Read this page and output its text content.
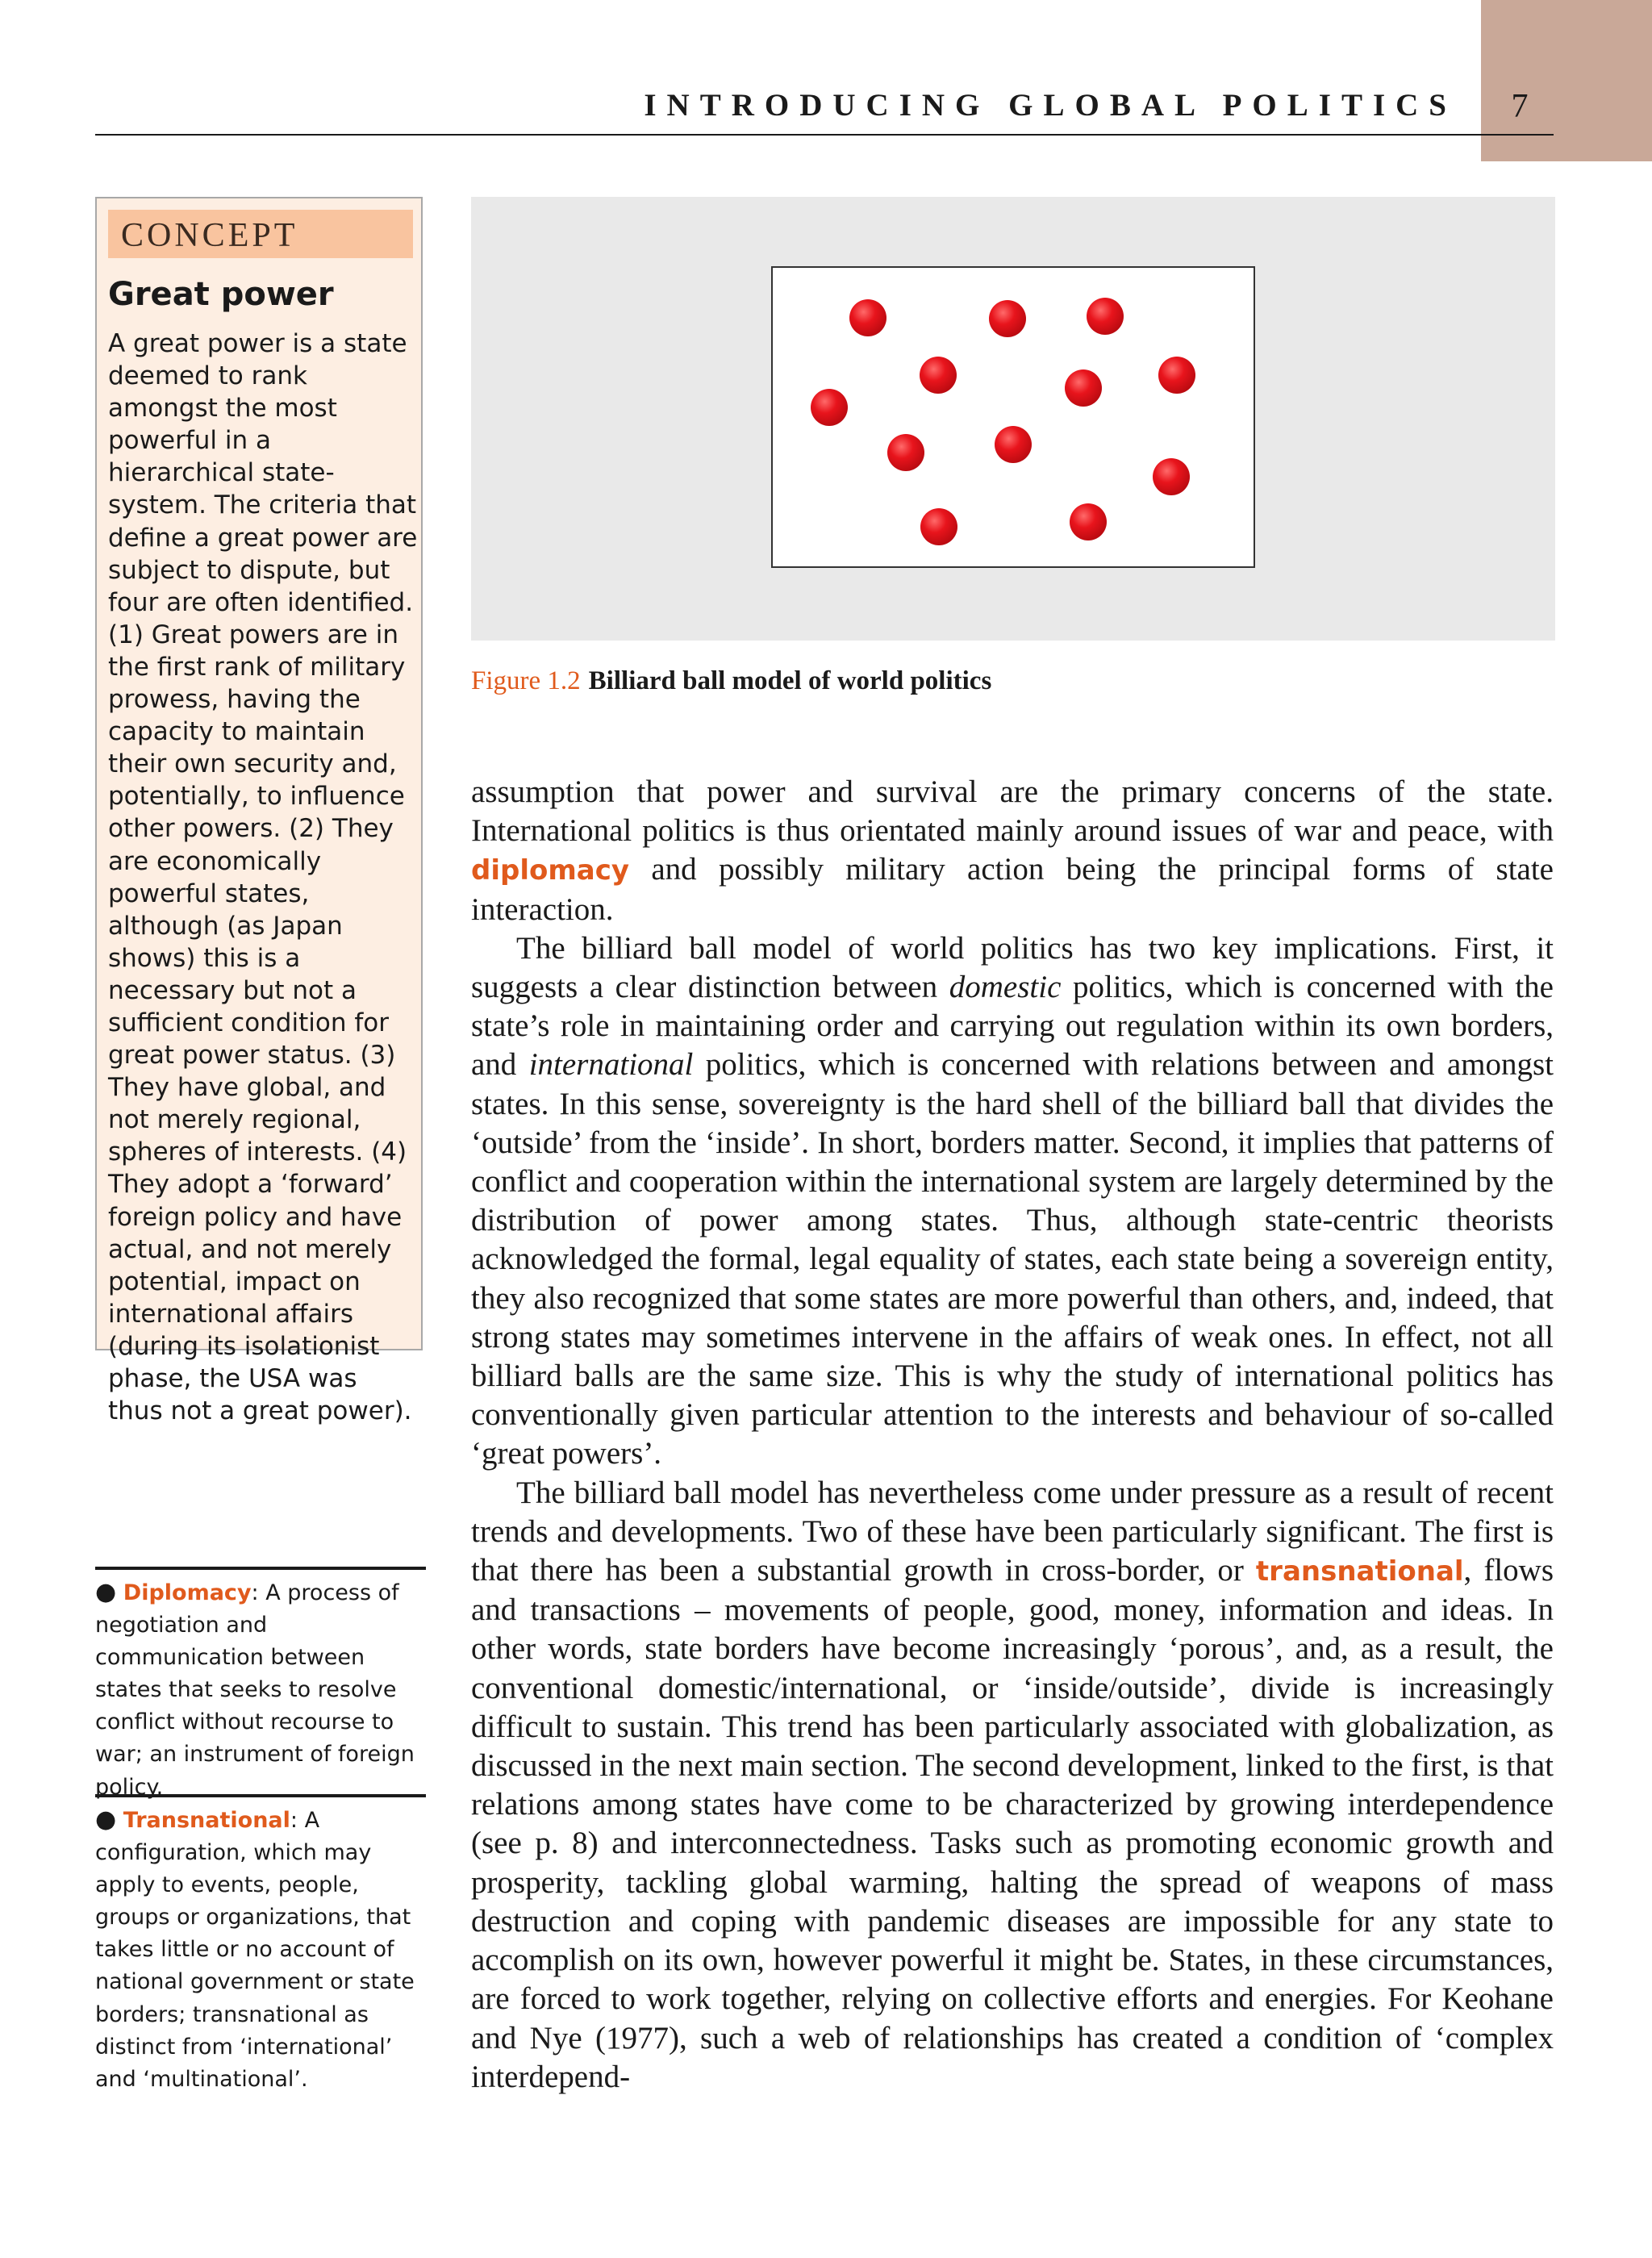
INTRODUCING GLOBAL POLITICS	7
CONCEPT
Great power
A great power is a state deemed to rank amongst the most powerful in a hierarchical state-system. The criteria that define a great power are subject to dispute, but four are often identified. (1) Great powers are in the first rank of military prowess, having the capacity to maintain their own security and, potentially, to influence other powers. (2) They are economically powerful states, although (as Japan shows) this is a necessary but not a sufficient condition for great power status. (3) They have global, and not merely regional, spheres of interests. (4) They adopt a ‘forward’ foreign policy and have actual, and not merely potential, impact on international affairs (during its isolationist phase, the USA was thus not a great power).
Figure 1.2 Billiard ball model of world politics

assumption that power and survival are the primary concerns of the state. International politics is thus orientated mainly around issues of war and peace, with diplomacy and possibly military action being the principal forms of state interaction.

The billiard ball model of world politics has two key implications. First, it suggests a clear distinction between domestic politics, which is concerned with the state’s role in maintaining order and carrying out regulation within its own borders, and international politics, which is concerned with relations between and amongst states. In this sense, sovereignty is the hard shell of the billiard ball that divides the ‘outside’ from the ‘inside’. In short, borders matter. Second, it implies that patterns of conflict and cooperation within the international system are largely determined by the distribution of power among states. Thus, although state-centric theorists acknowledged the formal, legal equality of states, each state being a sovereign entity, they also recognized that some states are more powerful than others, and, indeed, that strong states may sometimes intervene in the affairs of weak ones. In effect, not all billiard balls are the same size. This is why the study of international politics has conventionally given particular attention to the interests and behaviour of so-called ‘great powers’.

The billiard ball model has nevertheless come under pressure as a result of recent trends and developments. Two of these have been particularly significant. The first is that there has been a substantial growth in cross-border, or transnational, flows and transactions – movements of people, good, money, information and ideas. In other words, state borders have become increasingly ‘porous’, and, as a result, the conventional domestic/international, or ‘inside/outside’, divide is increasingly difficult to sustain. This trend has been particularly associated with globalization, as discussed in the next main section. The second development, linked to the first, is that relations among states have come to be characterized by growing interdependence (see p. 8) and interconnectedness. Tasks such as promoting economic growth and prosperity, tackling global warming, halting the spread of weapons of mass destruction and coping with pandemic diseases are impossible for any state to accomplish on its own, however powerful it might be. States, in these circumstances, are forced to work together, relying on collective efforts and energies. For Keohane and Nye (1977), such a web of relationships has created a condition of ‘complex interdepend-

● Diplomacy: A process of negotiation and communication between states that seeks to resolve conflict without recourse to war; an instrument of foreign policy.
● Transnational: A configuration, which may apply to events, people, groups or organizations, that takes little or no account of national government or state borders; transnational as distinct from ‘international’ and ‘multinational’.
